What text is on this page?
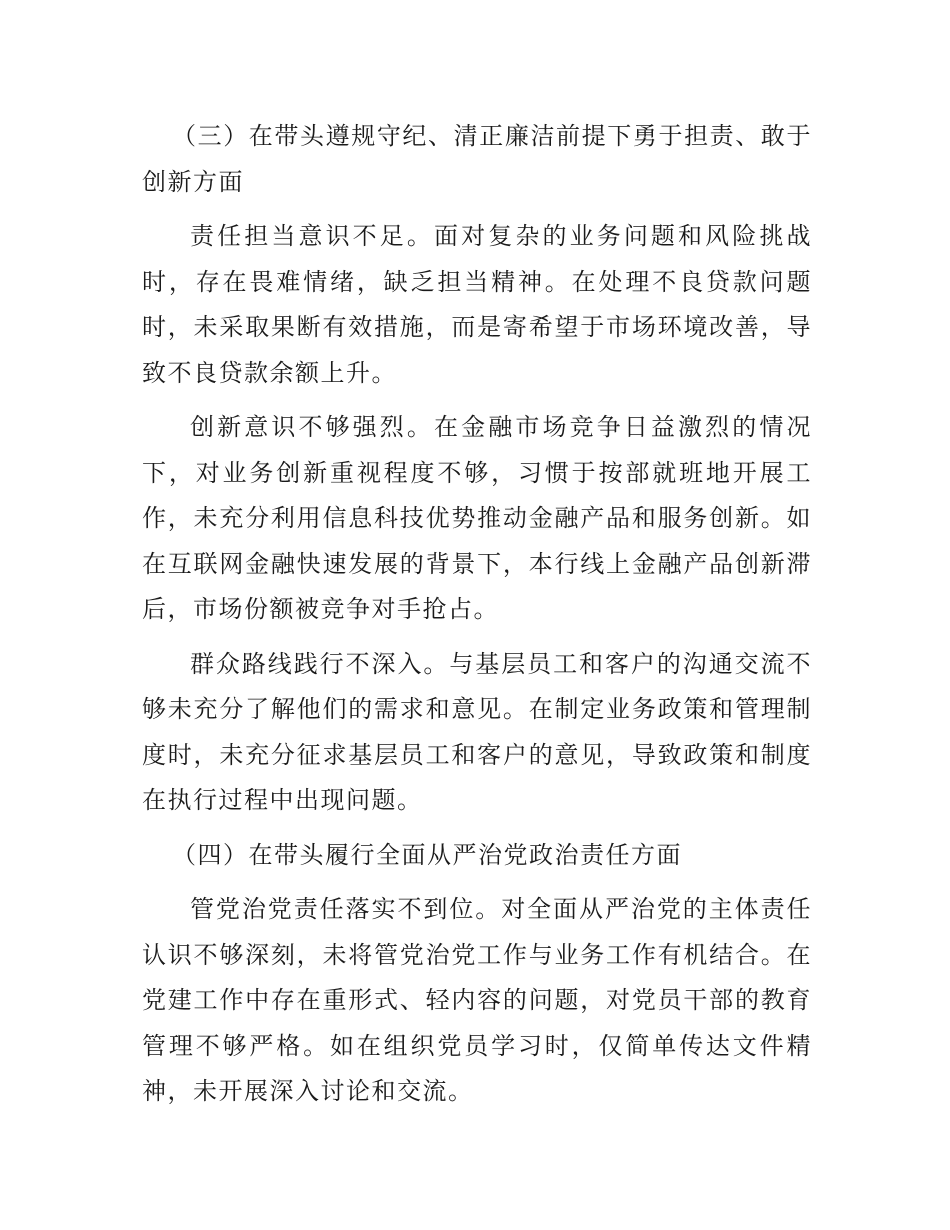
（三）在带头遵规守纪、清正廉洁前提下勇于担责、敢于创新方面

责任担当意识不足。面对复杂的业务问题和风险挑战时，存在畏难情绪，缺乏担当精神。在处理不良贷款问题时，未采取果断有效措施，而是寄希望于市场环境改善，导致不良贷款余额上升。

创新意识不够强烈。在金融市场竞争日益激烈的情况下，对业务创新重视程度不够，习惯于按部就班地开展工作，未充分利用信息科技优势推动金融产品和服务创新。如在互联网金融快速发展的背景下，本行线上金融产品创新滞后，市场份额被竞争对手抢占。

群众路线践行不深入。与基层员工和客户的沟通交流不够未充分了解他们的需求和意见。在制定业务政策和管理制度时，未充分征求基层员工和客户的意见，导致政策和制度在执行过程中出现问题。

（四）在带头履行全面从严治党政治责任方面

管党治党责任落实不到位。对全面从严治党的主体责任认识不够深刻，未将管党治党工作与业务工作有机结合。在党建工作中存在重形式、轻内容的问题，对党员干部的教育管理不够严格。如在组织党员学习时，仅简单传达文件精神，未开展深入讨论和交流。
